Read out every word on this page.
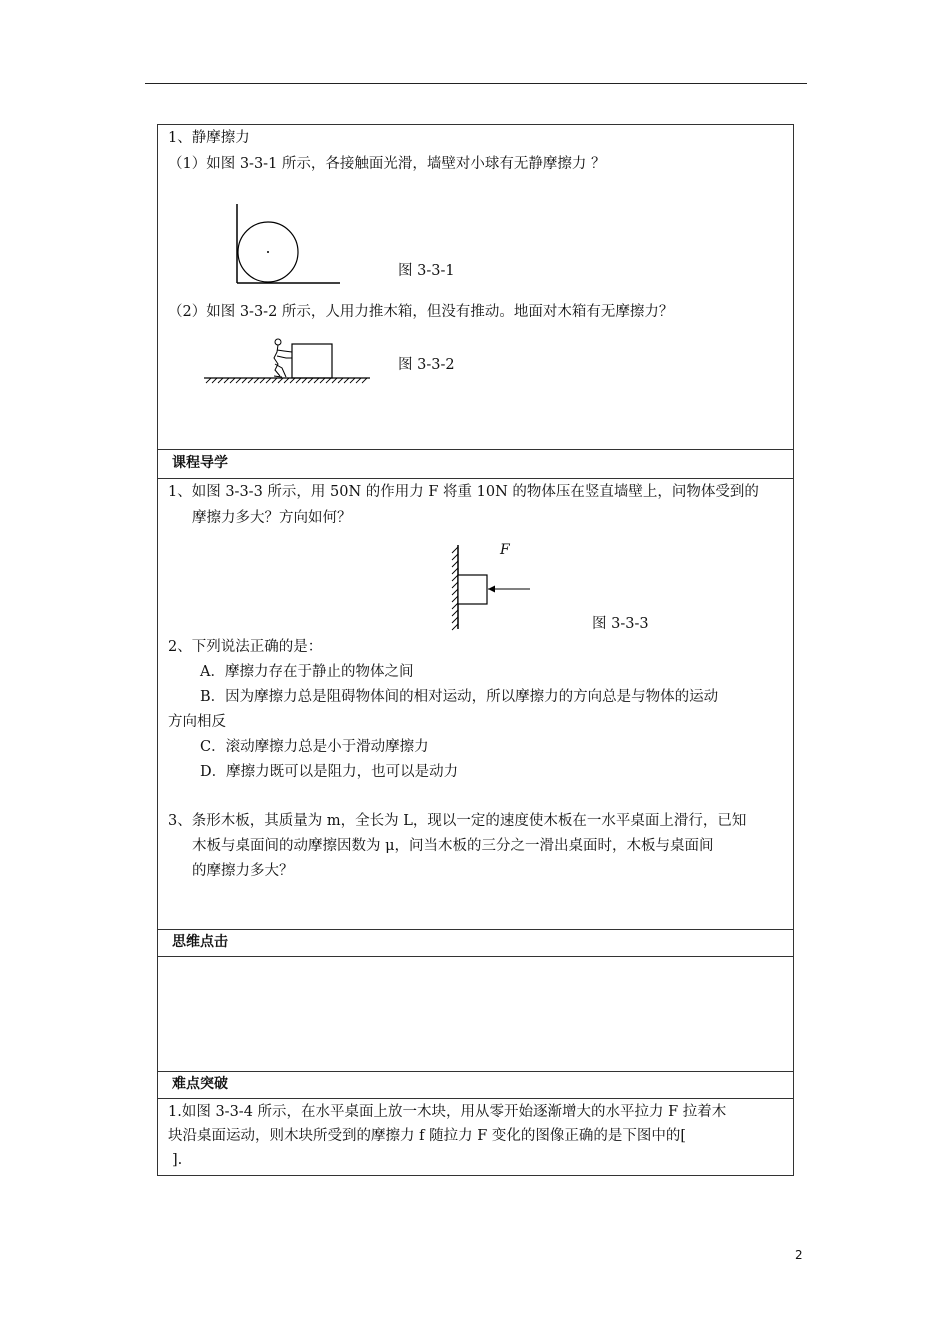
1、静摩擦力
（1）如图 3-3-1 所示，各接触面光滑，墙壁对小球有无静摩擦力 ？
图 3-3-1
（2）如图 3-3-2 所示，人用力推木箱，但没有推动。地面对木箱有无摩擦力？
图 3-3-2

课程导学

1、如图 3-3-3 所示，用 50N 的作用力 F 将重 10N 的物体压在竖直墙壁上，问物体受到的
摩擦力多大？方向如何？
F
图 3-3-3
2、下列说法正确的是：
A．摩擦力存在于静止的物体之间
B．因为摩擦力总是阻碍物体间的相对运动，所以摩擦力的方向总是与物体的运动
方向相反
C．滚动摩擦力总是小于滑动摩擦力
D．摩擦力既可以是阻力，也可以是动力
3、条形木板，其质量为 m，全长为 L，现以一定的速度使木板在一水平桌面上滑行，已知
木板与桌面间的动摩擦因数为 μ，问当木板的三分之一滑出桌面时，木板与桌面间
的摩擦力多大？

思维点击

难点突破

1.如图 3-3-4 所示，在水平桌面上放一木块，用从零开始逐渐增大的水平拉力 F 拉着木
块沿桌面运动，则木块所受到的摩擦力 f 随拉力 F 变化的图像正确的是下图中的[
].
2
